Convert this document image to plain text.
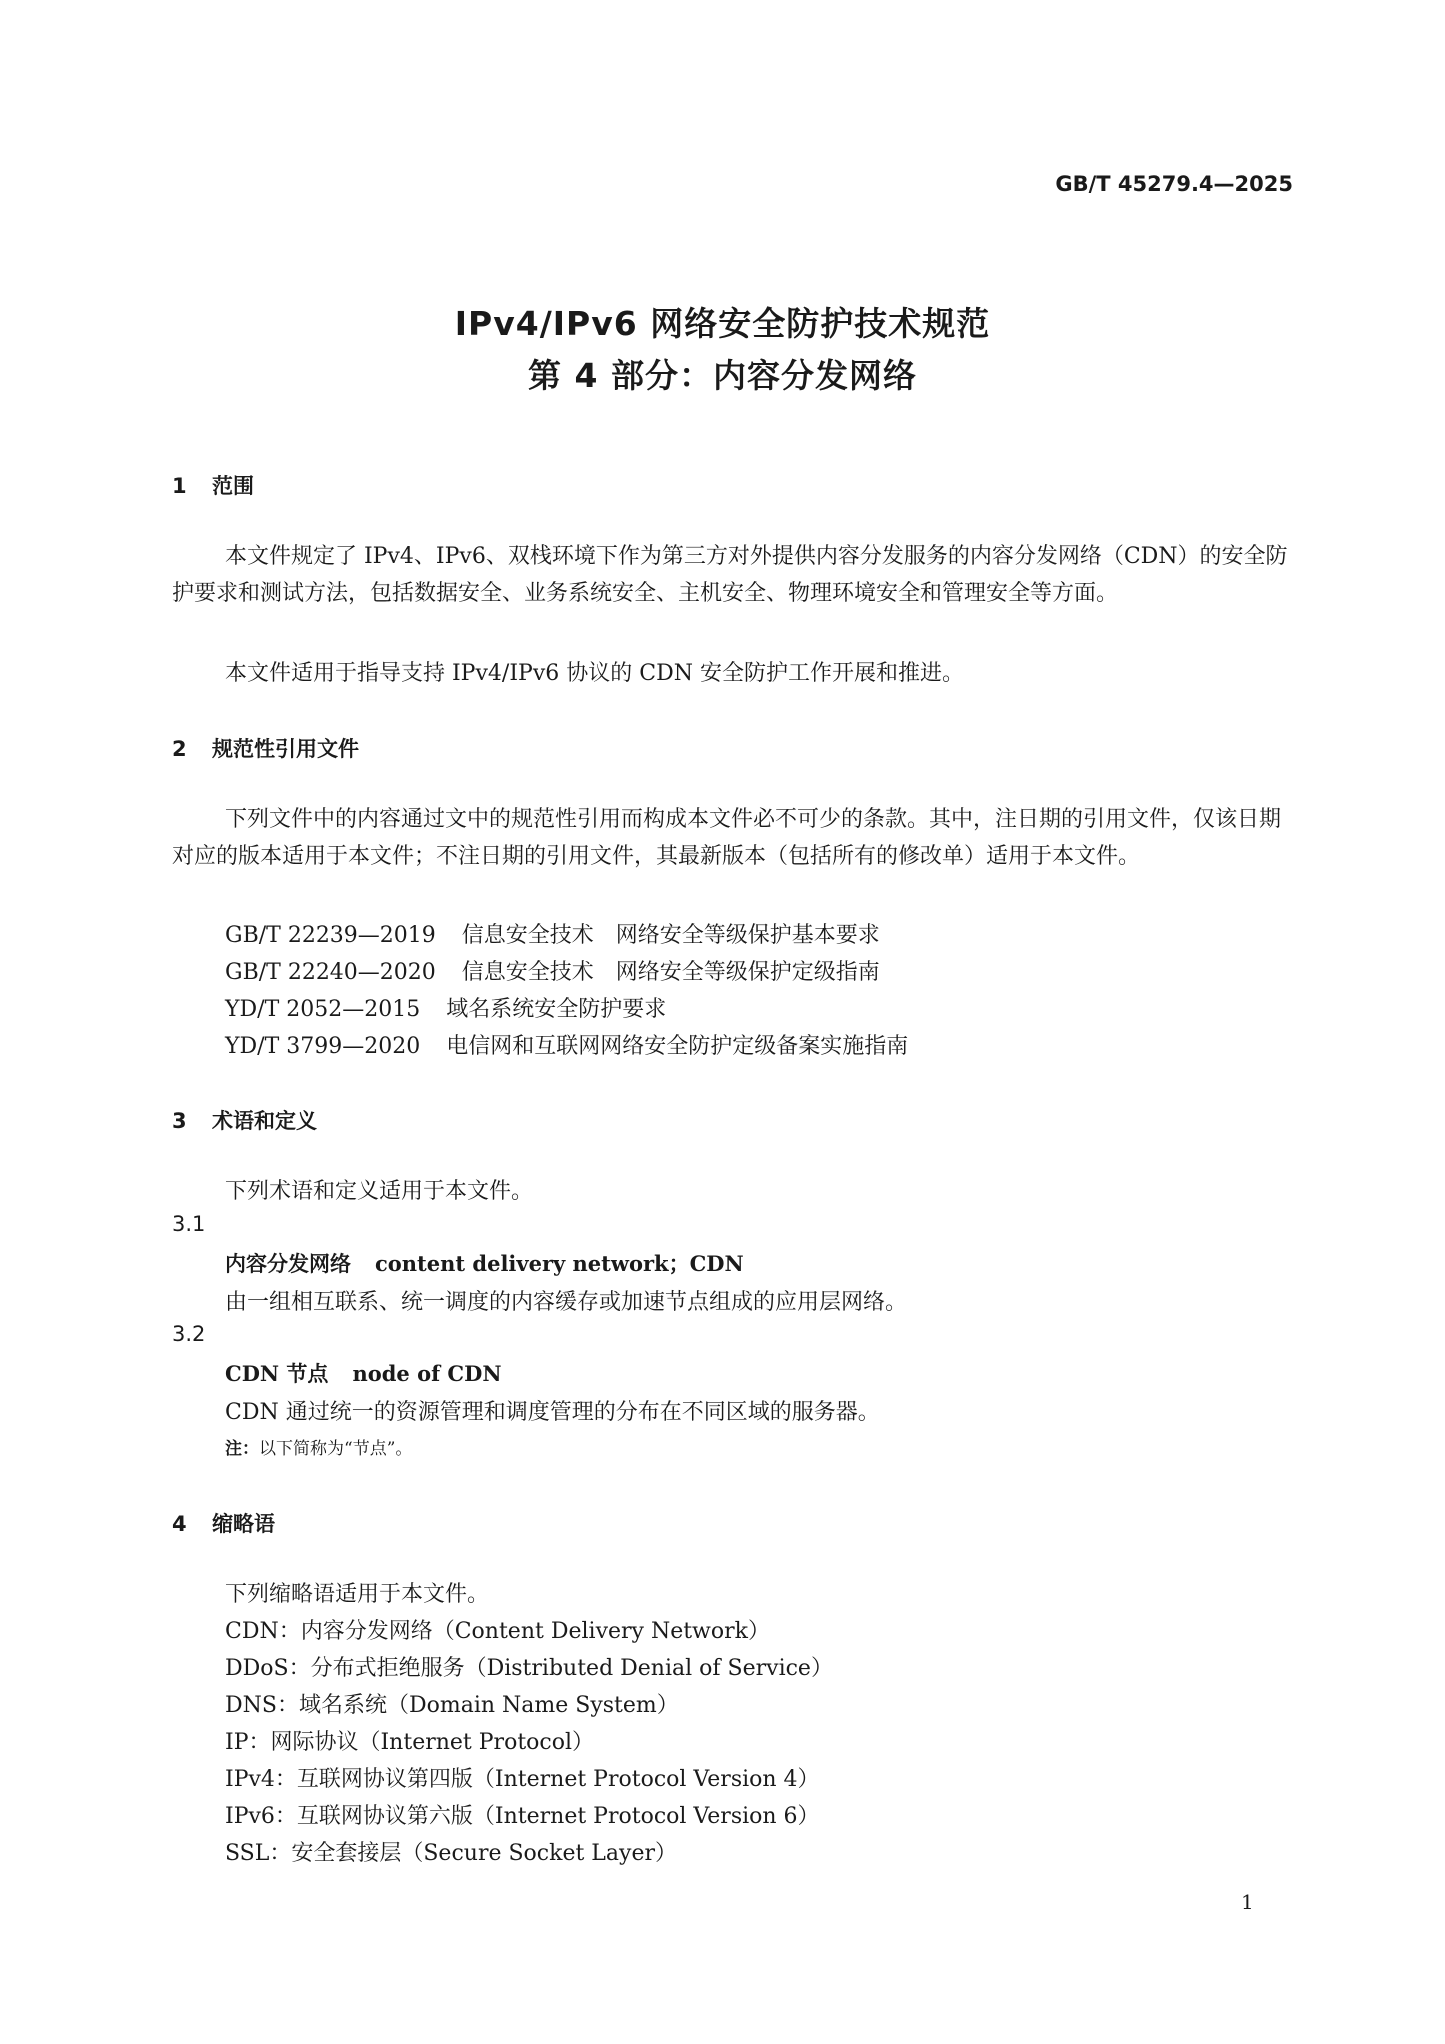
GB/T 45279.4—2025
IPv4/IPv6 网络安全防护技术规范
第 4 部分：内容分发网络
1 范围
本文件规定了 IPv4、IPv6、双栈环境下作为第三方对外提供内容分发服务的内容分发网络（CDN）的安全防护要求和测试方法，包括数据安全、业务系统安全、主机安全、物理环境安全和管理安全等方面。
本文件适用于指导支持 IPv4/IPv6 协议的 CDN 安全防护工作开展和推进。
2 规范性引用文件
下列文件中的内容通过文中的规范性引用而构成本文件必不可少的条款。其中，注日期的引用文件，仅该日期对应的版本适用于本文件；不注日期的引用文件，其最新版本（包括所有的修改单）适用于本文件。
GB/T 22239—2019 信息安全技术　网络安全等级保护基本要求
GB/T 22240—2020 信息安全技术　网络安全等级保护定级指南
YD/T 2052—2015 域名系统安全防护要求
YD/T 3799—2020 电信网和互联网网络安全防护定级备案实施指南
3 术语和定义
下列术语和定义适用于本文件。
3.1
内容分发网络 content delivery network；CDN
由一组相互联系、统一调度的内容缓存或加速节点组成的应用层网络。
3.2
CDN 节点 node of CDN
CDN 通过统一的资源管理和调度管理的分布在不同区域的服务器。
注：以下简称为“节点”。
4 缩略语
下列缩略语适用于本文件。
CDN：内容分发网络（Content Delivery Network）
DDoS：分布式拒绝服务（Distributed Denial of Service）
DNS：域名系统（Domain Name System）
IP：网际协议（Internet Protocol）
IPv4：互联网协议第四版（Internet Protocol Version 4）
IPv6：互联网协议第六版（Internet Protocol Version 6）
SSL：安全套接层（Secure Socket Layer）
1
